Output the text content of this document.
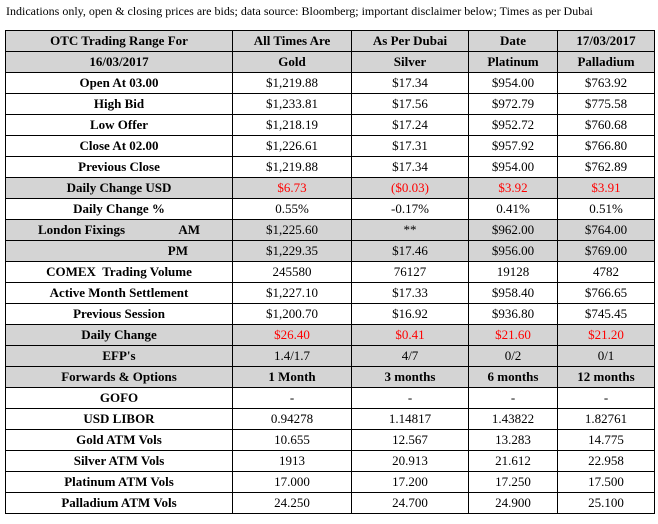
Indications only, open & closing prices are bids; data source: Bloomberg; important disclaimer below; Times as per Dubai
OTC Trading Range For	All Times Are	As Per Dubai	Date	17/03/2017
16/03/2017	Gold	Silver	Platinum	Palladium
Open At 03.00	$1,219.88	$17.34	$954.00	$763.92
High Bid	$1,233.81	$17.56	$972.79	$775.58
Low Offer	$1,218.19	$17.24	$952.72	$760.68
Close At 02.00	$1,226.61	$17.31	$957.92	$766.80
Previous Close	$1,219.88	$17.34	$954.00	$762.89
Daily Change USD	$6.73	($0.03)	$3.92	$3.91
Daily Change %	0.55%	-0.17%	0.41%	0.51%

London Fixings AM	$1,225.60	**	$962.00	$764.00

PM	$1,229.35	$17.46	$956.00	$769.00
COMEX  Trading Volume	245580	76127	19128	4782
Active Month Settlement	$1,227.10	$17.33	$958.40	$766.65
Previous Session	$1,200.70	$16.92	$936.80	$745.45
Daily Change	$26.40	$0.41	$21.60	$21.20
EFP's	1.4/1.7	4/7	0/2	0/1
Forwards & Options	1 Month	3 months	6 months	12 months
GOFO	-	-	-	-
USD LIBOR	0.94278	1.14817	1.43822	1.82761
Gold ATM Vols	10.655	12.567	13.283	14.775
Silver ATM Vols	1913	20.913	21.612	22.958
Platinum ATM Vols	17.000	17.200	17.250	17.500
Palladium ATM Vols	24.250	24.700	24.900	25.100
